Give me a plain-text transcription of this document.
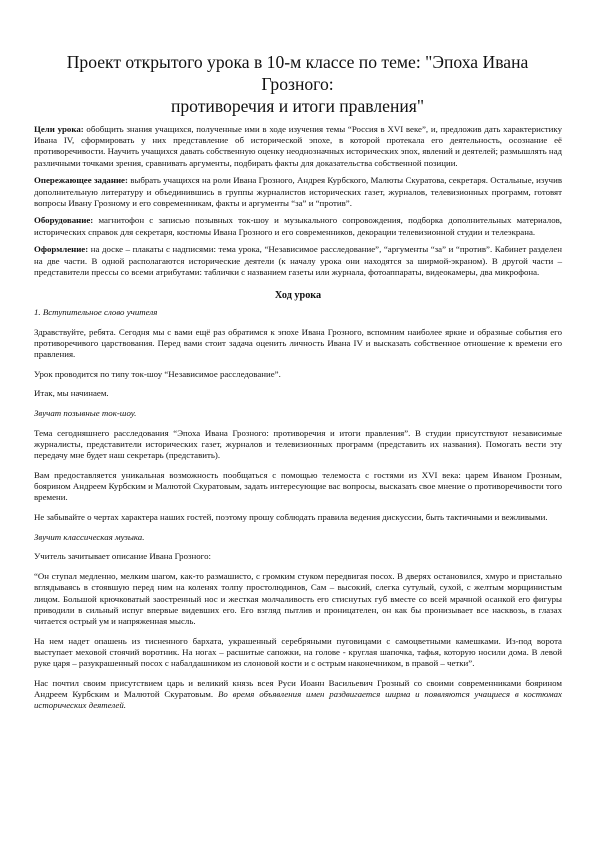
Проект открытого урока в 10-м классе по теме: "Эпоха Ивана Грозного:
противоречия и итоги правления"

Цели урока: обобщить знания учащихся, полученные ими в ходе изучения темы “Россия в XVI веке”, и, предложив дать характеристику Ивана IV, сформировать у них представление об исторической эпохе, в которой протекала его деятельность, осознание её противоречивости. Научить учащихся давать собственную оценку неоднозначных исторических эпох, явлений и деятелей; размышлять над различными точками зрения, сравнивать аргументы, подбирать факты для доказательства собственной позиции.

Опережающее задание: выбрать учащихся на роли Ивана Грозного, Андрея Курбского, Малюты Скуратова, секретаря. Остальные, изучив дополнительную литературу и объединившись в группы журналистов исторических газет, журналов, телевизионных программ, готовят вопросы Ивану Грозному и его современникам, факты и аргументы “за” и “против”.

Оборудование: магнитофон с записью позывных ток-шоу и музыкального сопровождения, подборка дополнительных материалов, исторических справок для секретаря, костюмы Ивана Грозного и его современников, декорации телевизионной студии и телеэкрана.

Оформление: на доске – плакаты с надписями: тема урока, “Независимое расследование”, “аргументы “за” и “против”. Кабинет разделен на две части. В одной располагаются исторические деятели (к началу урока они находятся за ширмой-экраном). В другой части – представители прессы со всеми атрибутами: таблички с названием газеты или журнала, фотоаппараты, видеокамеры, два микрофона.

Ход урока

1. Вступительное слово учителя

Здравствуйте, ребята. Сегодня мы с вами ещё раз обратимся к эпохе Ивана Грозного, вспомним наиболее яркие и образные события его противоречивого царствования. Перед вами стоит задача оценить личность Ивана IV и высказать собственное отношение к времени его правления.

Урок проводится по типу ток-шоу “Независимое расследование”.

Итак, мы начинаем.

Звучат позывные ток-шоу.

Тема сегодняшнего расследования “Эпоха Ивана Грозного: противоречия и итоги правления”. В студии присутствуют независимые журналисты, представители исторических газет, журналов и телевизионных программ (представить их названия). Помогать вести эту передачу мне будет наш секретарь (представить).

Вам предоставляется уникальная возможность пообщаться с помощью телемоста с гостями из XVI века: царем Иваном Грозным, боярином Андреем Курбским и Малютой Скуратовым, задать интересующие вас вопросы, высказать свое мнение о противоречивости того времени.

Не забывайте о чертах характера наших гостей, поэтому прошу соблюдать правила ведения дискуссии, быть тактичными и вежливыми.

Звучит классическая музыка.

Учитель зачитывает описание Ивана Грозного:

“Он ступал медленно, мелким шагом, как-то размашисто, с громким стуком передвигая посох. В дверях остановился, хмуро и пристально вглядываясь в стоявшую перед ним на коленях толпу простолюдинов, Сам – высокий, слегка сутулый, сухой, с желтым морщинистым лицом. Большой крючковатый заостренный нос и жесткая молчаливость его стиснутых губ вместе со всей мрачной осанкой его фигуры приводили в сильный испуг впервые видевших его. Его взгляд пытлив и проницателен, он как бы пронизывает все насквозь, в глазах читается острый ум и напряженная мысль.

На нем надет опашень из тисненного бархата, украшенный серебряными пуговицами с самоцветными камешками. Из-под ворота выступает меховой стоячий воротник. На ногах – расшитые сапожки, на голове - круглая шапочка, тафья, которую носили дома. В левой руке царя – разукрашенный посох с набалдашником из слоновой кости и с острым наконечником, в правой – четки”.

Нас почтил своим присутствием царь и великий князь всея Руси Иоанн Васильевич Грозный со своими современниками боярином Андреем Курбским и Малютой Скуратовым. Во время объявления имен раздвигается ширма и появляются учащиеся в костюмах исторических деятелей.
